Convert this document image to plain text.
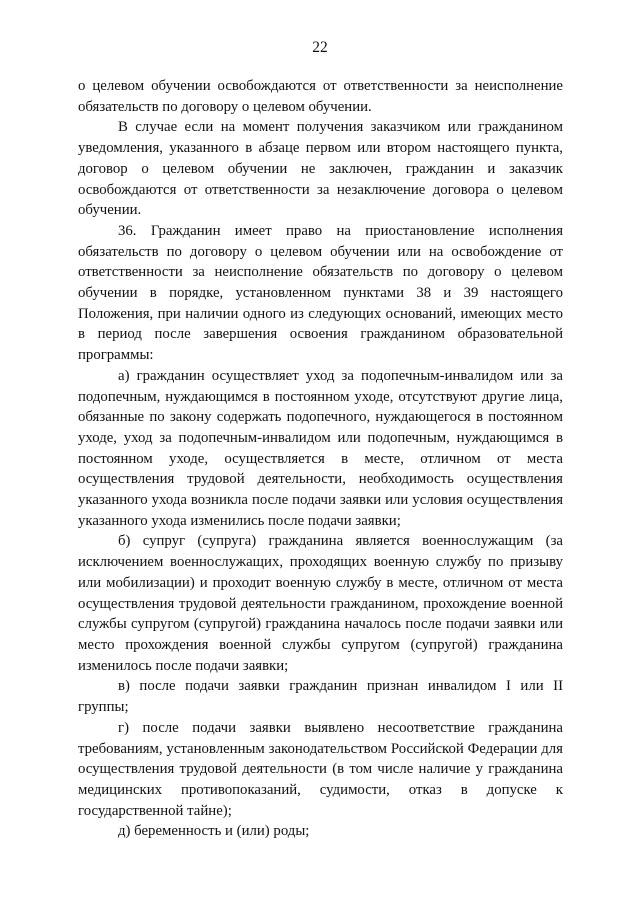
22

о целевом обучении освобождаются от ответственности за неисполнение обязательств по договору о целевом обучении.

В случае если на момент получения заказчиком или гражданином уведомления, указанного в абзаце первом или втором настоящего пункта, договор о целевом обучении не заключен, гражданин и заказчик освобождаются от ответственности за незаключение договора о целевом обучении.

36. Гражданин имеет право на приостановление исполнения обязательств по договору о целевом обучении или на освобождение от ответственности за неисполнение обязательств по договору о целевом обучении в порядке, установленном пунктами 38 и 39 настоящего Положения, при наличии одного из следующих оснований, имеющих место в период после завершения освоения гражданином образовательной программы:

а) гражданин осуществляет уход за подопечным-инвалидом или за подопечным, нуждающимся в постоянном уходе, отсутствуют другие лица, обязанные по закону содержать подопечного, нуждающегося в постоянном уходе, уход за подопечным-инвалидом или подопечным, нуждающимся в постоянном уходе, осуществляется в месте, отличном от места осуществления трудовой деятельности, необходимость осуществления указанного ухода возникла после подачи заявки или условия осуществления указанного ухода изменились после подачи заявки;

б) супруг (супруга) гражданина является военнослужащим (за исключением военнослужащих, проходящих военную службу по призыву или мобилизации) и проходит военную службу в месте, отличном от места осуществления трудовой деятельности гражданином, прохождение военной службы супругом (супругой) гражданина началось после подачи заявки или место прохождения военной службы супругом (супругой) гражданина изменилось после подачи заявки;

в) после подачи заявки гражданин признан инвалидом I или II группы;

г) после подачи заявки выявлено несоответствие гражданина требованиям, установленным законодательством Российской Федерации для осуществления трудовой деятельности (в том числе наличие у гражданина медицинских противопоказаний, судимости, отказ в допуске к государственной тайне);

д) беременность и (или) роды;
